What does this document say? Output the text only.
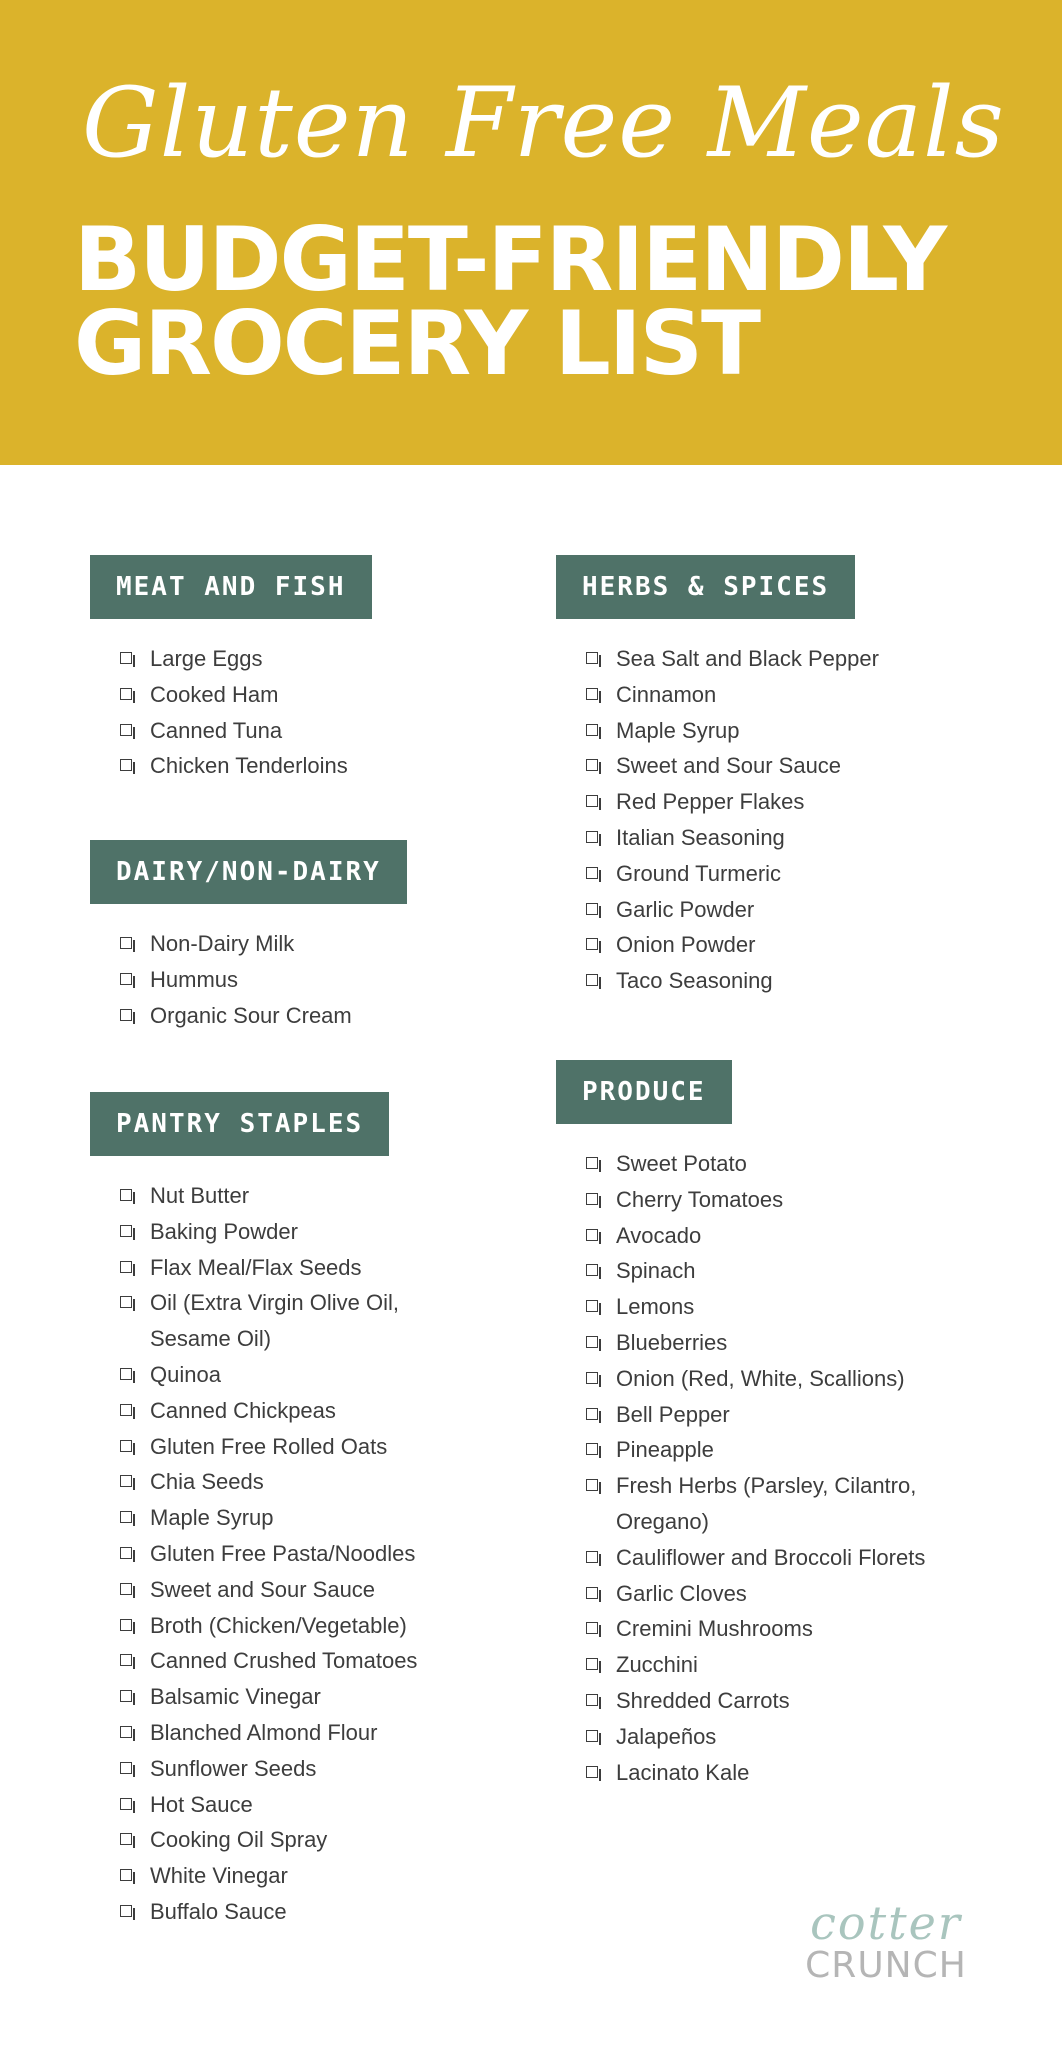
Gluten Free Meals
BUDGET-FRIENDLY
GROCERY LIST
MEAT AND FISH
Large Eggs
Cooked Ham
Canned Tuna
Chicken Tenderloins
DAIRY/NON-DAIRY
Non-Dairy Milk
Hummus
Organic Sour Cream
PANTRY STAPLES
Nut Butter
Baking Powder
Flax Meal/Flax Seeds
Oil (Extra Virgin Olive Oil,
Sesame Oil)
Quinoa
Canned Chickpeas
Gluten Free Rolled Oats
Chia Seeds
Maple Syrup
Gluten Free Pasta/Noodles
Sweet and Sour Sauce
Broth (Chicken/Vegetable)
Canned Crushed Tomatoes
Balsamic Vinegar
Blanched Almond Flour
Sunflower Seeds
Hot Sauce
Cooking Oil Spray
White Vinegar
Buffalo Sauce
HERBS & SPICES
Sea Salt and Black Pepper
Cinnamon
Maple Syrup
Sweet and Sour Sauce
Red Pepper Flakes
Italian Seasoning
Ground Turmeric
Garlic Powder
Onion Powder
Taco Seasoning
PRODUCE
Sweet Potato
Cherry Tomatoes
Avocado
Spinach
Lemons
Blueberries
Onion (Red, White, Scallions)
Bell Pepper
Pineapple
Fresh Herbs (Parsley, Cilantro,
Oregano)
Cauliflower and Broccoli Florets
Garlic Cloves
Cremini Mushrooms
Zucchini
Shredded Carrots
Jalapeños
Lacinato Kale
cotter
CRUNCH
